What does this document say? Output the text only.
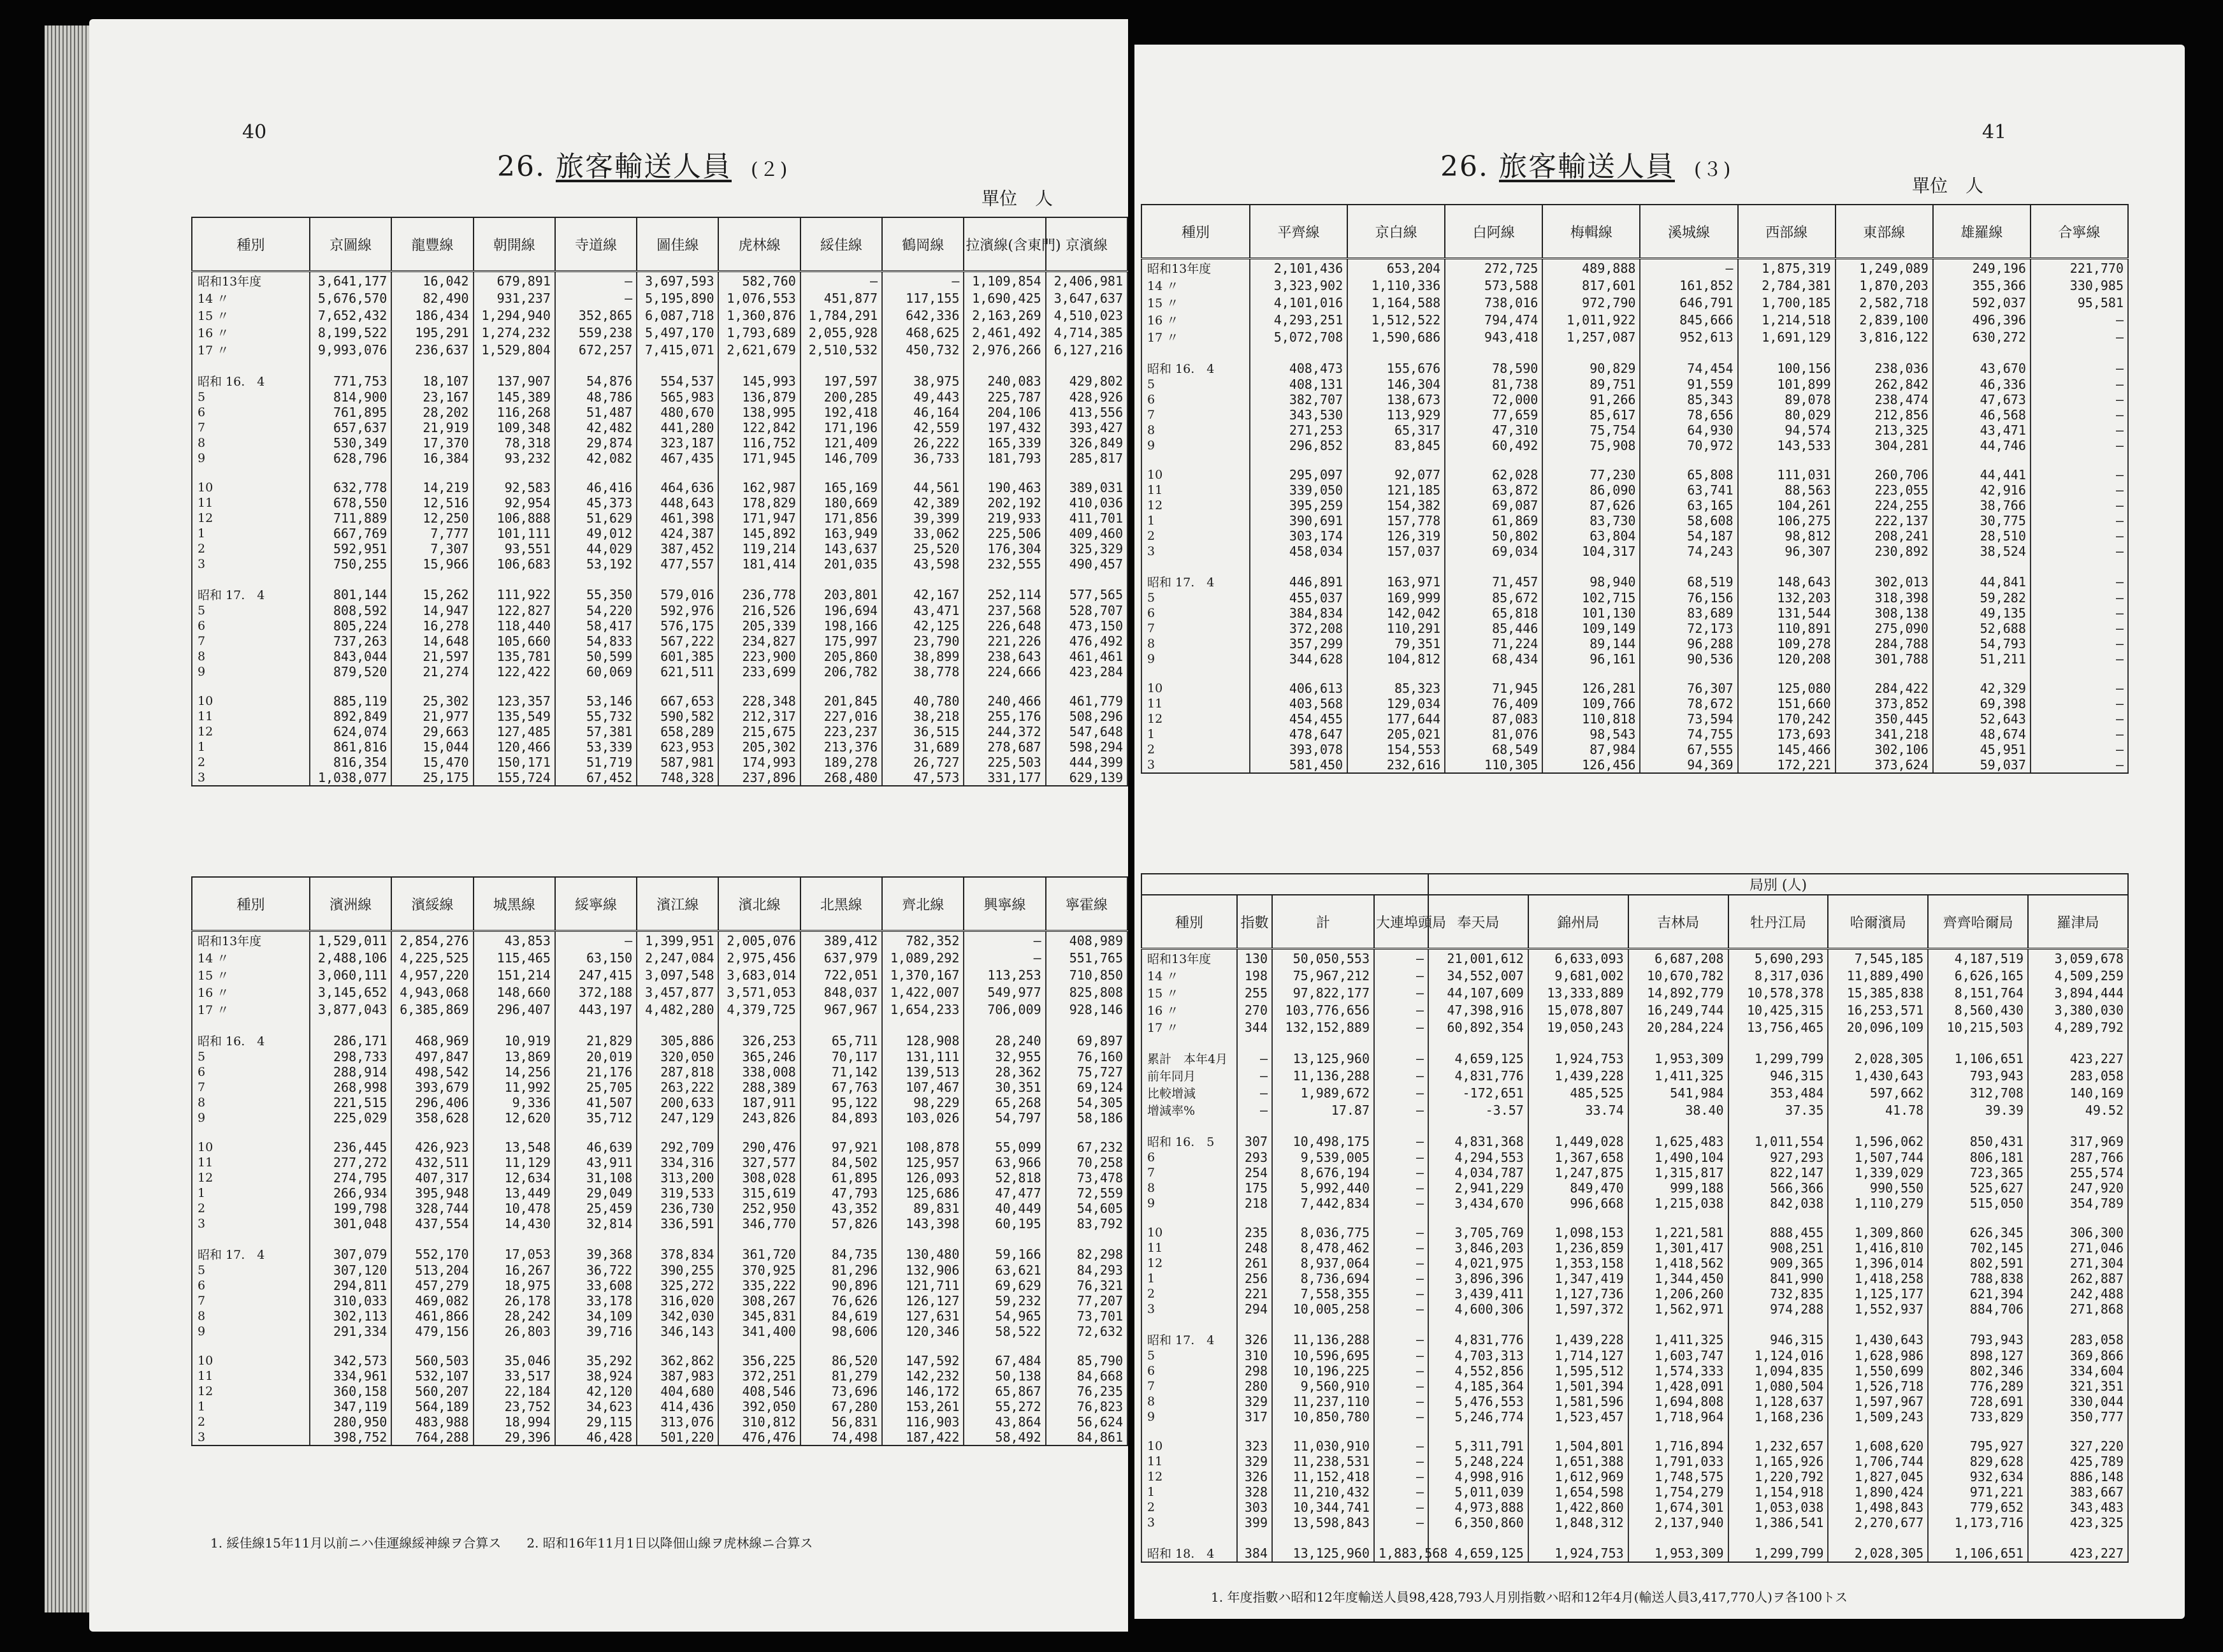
40
26. 旅客輸送人員 (２)
單位　人
種別	京圖線	龍豐線	朝開線	寺道線	圖佳線	虎林線	綏佳線	鶴岡線	拉濱線(含東門)	京濱線
昭和13年度	3,641,177	16,042	679,891	—	3,697,593	582,760	—	—	1,109,854	2,406,981
14 〃	5,676,570	82,490	931,237	—	5,195,890	1,076,553	451,877	117,155	1,690,425	3,647,637
15 〃	7,652,432	186,434	1,294,940	352,865	6,087,718	1,360,876	1,784,291	642,336	2,163,269	4,510,023
16 〃	8,199,522	195,291	1,274,232	559,238	5,497,170	1,793,689	2,055,928	468,625	2,461,492	4,714,385
17 〃	9,993,076	236,637	1,529,804	672,257	7,415,071	2,621,679	2,510,532	450,732	2,976,266	6,127,216

昭和 16.　4	771,753	18,107	137,907	54,876	554,537	145,993	197,597	38,975	240,083	429,802
5	814,900	23,167	145,389	48,786	565,983	136,879	200,285	49,443	225,787	428,926
6	761,895	28,202	116,268	51,487	480,670	138,995	192,418	46,164	204,106	413,556
7	657,637	21,919	109,348	42,482	441,280	122,842	171,196	42,559	197,432	393,427
8	530,349	17,370	78,318	29,874	323,187	116,752	121,409	26,222	165,339	326,849
9	628,796	16,384	93,232	42,082	467,435	171,945	146,709	36,733	181,793	285,817

10	632,778	14,219	92,583	46,416	464,636	162,987	165,169	44,561	190,463	389,031
11	678,550	12,516	92,954	45,373	448,643	178,829	180,669	42,389	202,192	410,036
12	711,889	12,250	106,888	51,629	461,398	171,947	171,856	39,399	219,933	411,701
1	667,769	7,777	101,111	49,012	424,387	145,892	163,949	33,062	225,506	409,460
2	592,951	7,307	93,551	44,029	387,452	119,214	143,637	25,520	176,304	325,329
3	750,255	15,966	106,683	53,192	477,557	181,414	201,035	43,598	232,555	490,457

昭和 17.　4	801,144	15,262	111,922	55,350	579,016	236,778	203,801	42,167	252,114	577,565
5	808,592	14,947	122,827	54,220	592,976	216,526	196,694	43,471	237,568	528,707
6	805,224	16,278	118,440	58,417	576,175	205,339	198,166	42,125	226,648	473,150
7	737,263	14,648	105,660	54,833	567,222	234,827	175,997	23,790	221,226	476,492
8	843,044	21,597	135,781	50,599	601,385	223,900	205,860	38,899	238,643	461,461
9	879,520	21,274	122,422	60,069	621,511	233,699	206,782	38,778	224,666	423,284

10	885,119	25,302	123,357	53,146	667,653	228,348	201,845	40,780	240,466	461,779
11	892,849	21,977	135,549	55,732	590,582	212,317	227,016	38,218	255,176	508,296
12	624,074	29,663	127,485	57,381	658,289	215,675	223,237	36,515	244,372	547,648
1	861,816	15,044	120,466	53,339	623,953	205,302	213,376	31,689	278,687	598,294
2	816,354	15,470	150,171	51,719	587,981	174,993	189,278	26,727	225,503	444,399
3	1,038,077	25,175	155,724	67,452	748,328	237,896	268,480	47,573	331,177	629,139
種別	濱洲線	濱綏線	城黑線	綏寧線	濱江線	濱北線	北黑線	齊北線	興寧線	寧霍線
昭和13年度	1,529,011	2,854,276	43,853	—	1,399,951	2,005,076	389,412	782,352	—	408,989
14 〃	2,488,106	4,225,525	115,465	63,150	2,247,084	2,975,456	637,979	1,089,292	—	551,765
15 〃	3,060,111	4,957,220	151,214	247,415	3,097,548	3,683,014	722,051	1,370,167	113,253	710,850
16 〃	3,145,652	4,943,068	148,660	372,188	3,457,877	3,571,053	848,037	1,422,007	549,977	825,808
17 〃	3,877,043	6,385,869	296,407	443,197	4,482,280	4,379,725	967,967	1,654,233	706,009	928,146

昭和 16.　4	286,171	468,969	10,919	21,829	305,886	326,253	65,711	128,908	28,240	69,897
5	298,733	497,847	13,869	20,019	320,050	365,246	70,117	131,111	32,955	76,160
6	288,914	498,542	14,256	21,176	287,818	338,008	71,142	139,513	28,362	75,727
7	268,998	393,679	11,992	25,705	263,222	288,389	67,763	107,467	30,351	69,124
8	221,515	296,406	9,336	41,507	200,633	187,911	95,122	98,229	65,268	54,305
9	225,029	358,628	12,620	35,712	247,129	243,826	84,893	103,026	54,797	58,186

10	236,445	426,923	13,548	46,639	292,709	290,476	97,921	108,878	55,099	67,232
11	277,272	432,511	11,129	43,911	334,316	327,577	84,502	125,957	63,966	70,258
12	274,795	407,317	12,634	31,108	313,200	308,028	61,895	126,093	52,818	73,478
1	266,934	395,948	13,449	29,049	319,533	315,619	47,793	125,686	47,477	72,559
2	199,798	328,744	10,478	25,459	236,730	252,950	43,352	89,831	40,449	54,605
3	301,048	437,554	14,430	32,814	336,591	346,770	57,826	143,398	60,195	83,792

昭和 17.　4	307,079	552,170	17,053	39,368	378,834	361,720	84,735	130,480	59,166	82,298
5	307,120	513,204	16,267	36,722	390,255	370,925	81,296	132,906	63,621	84,293
6	294,811	457,279	18,975	33,608	325,272	335,222	90,896	121,711	69,629	76,321
7	310,033	469,082	26,178	33,178	316,020	308,267	76,626	126,127	59,232	77,207
8	302,113	461,866	28,242	34,109	342,030	345,831	84,619	127,631	54,965	73,701
9	291,334	479,156	26,803	39,716	346,143	341,400	98,606	120,346	58,522	72,632

10	342,573	560,503	35,046	35,292	362,862	356,225	86,520	147,592	67,484	85,790
11	334,961	532,107	33,517	38,924	387,983	372,251	81,279	142,232	50,138	84,668
12	360,158	560,207	22,184	42,120	404,680	408,546	73,696	146,172	65,867	76,235
1	347,119	564,189	23,752	34,623	414,436	392,050	67,280	153,261	55,272	76,823
2	280,950	483,988	18,994	29,115	313,076	310,812	56,831	116,903	43,864	56,624
3	398,752	764,288	29,396	46,428	501,220	476,476	74,498	187,422	58,492	84,861
1. 綏佳線15年11月以前ニハ佳運線綏神線ヲ合算ス　　2. 昭和16年11月1日以降佃山線ヲ虎林線ニ合算ス
41
26. 旅客輸送人員 (３)
單位　人
種別	平齊線	京白線	白阿線	梅輯線	溪城線	西部線	東部線	雄羅線	合寧線
昭和13年度	2,101,436	653,204	272,725	489,888	—	1,875,319	1,249,089	249,196	221,770
14 〃	3,323,902	1,110,336	573,588	817,601	161,852	2,784,381	1,870,203	355,366	330,985
15 〃	4,101,016	1,164,588	738,016	972,790	646,791	1,700,185	2,582,718	592,037	95,581
16 〃	4,293,251	1,512,522	794,474	1,011,922	845,666	1,214,518	2,839,100	496,396	—
17 〃	5,072,708	1,590,686	943,418	1,257,087	952,613	1,691,129	3,816,122	630,272	—

昭和 16.　4	408,473	155,676	78,590	90,829	74,454	100,156	238,036	43,670	—
5	408,131	146,304	81,738	89,751	91,559	101,899	262,842	46,336	—
6	382,707	138,673	72,000	91,266	85,343	89,078	238,474	47,673	—
7	343,530	113,929	77,659	85,617	78,656	80,029	212,856	46,568	—
8	271,253	65,317	47,310	75,754	64,930	94,574	213,325	43,471	—
9	296,852	83,845	60,492	75,908	70,972	143,533	304,281	44,746	—

10	295,097	92,077	62,028	77,230	65,808	111,031	260,706	44,441	—
11	339,050	121,185	63,872	86,090	63,741	88,563	223,055	42,916	—
12	395,259	154,382	69,087	87,626	63,165	104,261	224,255	38,766	—
1	390,691	157,778	61,869	83,730	58,608	106,275	222,137	30,775	—
2	303,174	126,319	50,802	63,804	54,187	98,812	208,241	28,510	—
3	458,034	157,037	69,034	104,317	74,243	96,307	230,892	38,524	—

昭和 17.　4	446,891	163,971	71,457	98,940	68,519	148,643	302,013	44,841	—
5	455,037	169,999	85,672	102,715	76,156	132,203	318,398	59,282	—
6	384,834	142,042	65,818	101,130	83,689	131,544	308,138	49,135	—
7	372,208	110,291	85,446	109,149	72,173	110,891	275,090	52,688	—
8	357,299	79,351	71,224	89,144	96,288	109,278	284,788	54,793	—
9	344,628	104,812	68,434	96,161	90,536	120,208	301,788	51,211	—

10	406,613	85,323	71,945	126,281	76,307	125,080	284,422	42,329	—
11	403,568	129,034	76,409	109,766	78,672	151,660	373,852	69,398	—
12	454,455	177,644	87,083	110,818	73,594	170,242	350,445	52,643	—
1	478,647	205,021	81,076	98,543	74,755	173,693	341,218	48,674	—
2	393,078	154,553	68,549	87,984	67,555	145,466	302,106	45,951	—
3	581,450	232,616	110,305	126,456	94,369	172,221	373,624	59,037	—
				局別 (人)						
種別	指數	計	大連埠頭局	奉天局	錦州局	吉林局	牡丹江局	哈爾濱局	齊齊哈爾局	羅津局
昭和13年度	130	50,050,553	—	21,001,612	6,633,093	6,687,208	5,690,293	7,545,185	4,187,519	3,059,678
14 〃	198	75,967,212	—	34,552,007	9,681,002	10,670,782	8,317,036	11,889,490	6,626,165	4,509,259
15 〃	255	97,822,177	—	44,107,609	13,333,889	14,892,779	10,578,378	15,385,838	8,151,764	3,894,444
16 〃	270	103,776,656	—	47,398,916	15,078,807	16,249,744	10,425,315	16,253,571	8,560,430	3,380,030
17 〃	344	132,152,889	—	60,892,354	19,050,243	20,284,224	13,756,465	20,096,109	10,215,503	4,289,792

累計　本年4月	—	13,125,960	—	4,659,125	1,924,753	1,953,309	1,299,799	2,028,305	1,106,651	423,227
前年同月	—	11,136,288	—	4,831,776	1,439,228	1,411,325	946,315	1,430,643	793,943	283,058
比較增減	—	1,989,672	—	-172,651	485,525	541,984	353,484	597,662	312,708	140,169
增減率%	—	17.87	—	-3.57	33.74	38.40	37.35	41.78	39.39	49.52

昭和 16.　5	307	10,498,175	—	4,831,368	1,449,028	1,625,483	1,011,554	1,596,062	850,431	317,969
6	293	9,539,005	—	4,294,553	1,367,658	1,490,104	927,293	1,507,744	806,181	287,766
7	254	8,676,194	—	4,034,787	1,247,875	1,315,817	822,147	1,339,029	723,365	255,574
8	175	5,992,440	—	2,941,229	849,470	999,188	566,366	990,550	525,627	247,920
9	218	7,442,834	—	3,434,670	996,668	1,215,038	842,038	1,110,279	515,050	354,789

10	235	8,036,775	—	3,705,769	1,098,153	1,221,581	888,455	1,309,860	626,345	306,300
11	248	8,478,462	—	3,846,203	1,236,859	1,301,417	908,251	1,416,810	702,145	271,046
12	261	8,937,064	—	4,021,975	1,353,158	1,418,562	909,365	1,396,014	802,591	271,304
1	256	8,736,694	—	3,896,396	1,347,419	1,344,450	841,990	1,418,258	788,838	262,887
2	221	7,558,355	—	3,439,411	1,127,736	1,206,260	732,835	1,125,177	621,394	242,488
3	294	10,005,258	—	4,600,306	1,597,372	1,562,971	974,288	1,552,937	884,706	271,868

昭和 17.　4	326	11,136,288	—	4,831,776	1,439,228	1,411,325	946,315	1,430,643	793,943	283,058
5	310	10,596,695	—	4,703,313	1,714,127	1,603,747	1,124,016	1,628,986	898,127	369,866
6	298	10,196,225	—	4,552,856	1,595,512	1,574,333	1,094,835	1,550,699	802,346	334,604
7	280	9,560,910	—	4,185,364	1,501,394	1,428,091	1,080,504	1,526,718	776,289	321,351
8	329	11,237,110	—	5,476,553	1,581,596	1,694,808	1,128,637	1,597,967	728,691	330,044
9	317	10,850,780	—	5,246,774	1,523,457	1,718,964	1,168,236	1,509,243	733,829	350,777

10	323	11,030,910	—	5,311,791	1,504,801	1,716,894	1,232,657	1,608,620	795,927	327,220
11	329	11,238,531	—	5,248,224	1,651,388	1,791,033	1,165,926	1,706,744	829,628	425,789
12	326	11,152,418	—	4,998,916	1,612,969	1,748,575	1,220,792	1,827,045	932,634	886,148
1	328	11,210,432	—	5,011,039	1,654,598	1,754,279	1,154,918	1,890,424	971,221	383,667
2	303	10,344,741	—	4,973,888	1,422,860	1,674,301	1,053,038	1,498,843	779,652	343,483
3	399	13,598,843	—	6,350,860	1,848,312	2,137,940	1,386,541	2,270,677	1,173,716	423,325

昭和 18.　4	384	13,125,960	1,883,568	4,659,125	1,924,753	1,953,309	1,299,799	2,028,305	1,106,651	423,227
1. 年度指數ハ昭和12年度輸送人員98,428,793人月別指數ハ昭和12年4月(輸送人員3,417,770人)ヲ各100トス
